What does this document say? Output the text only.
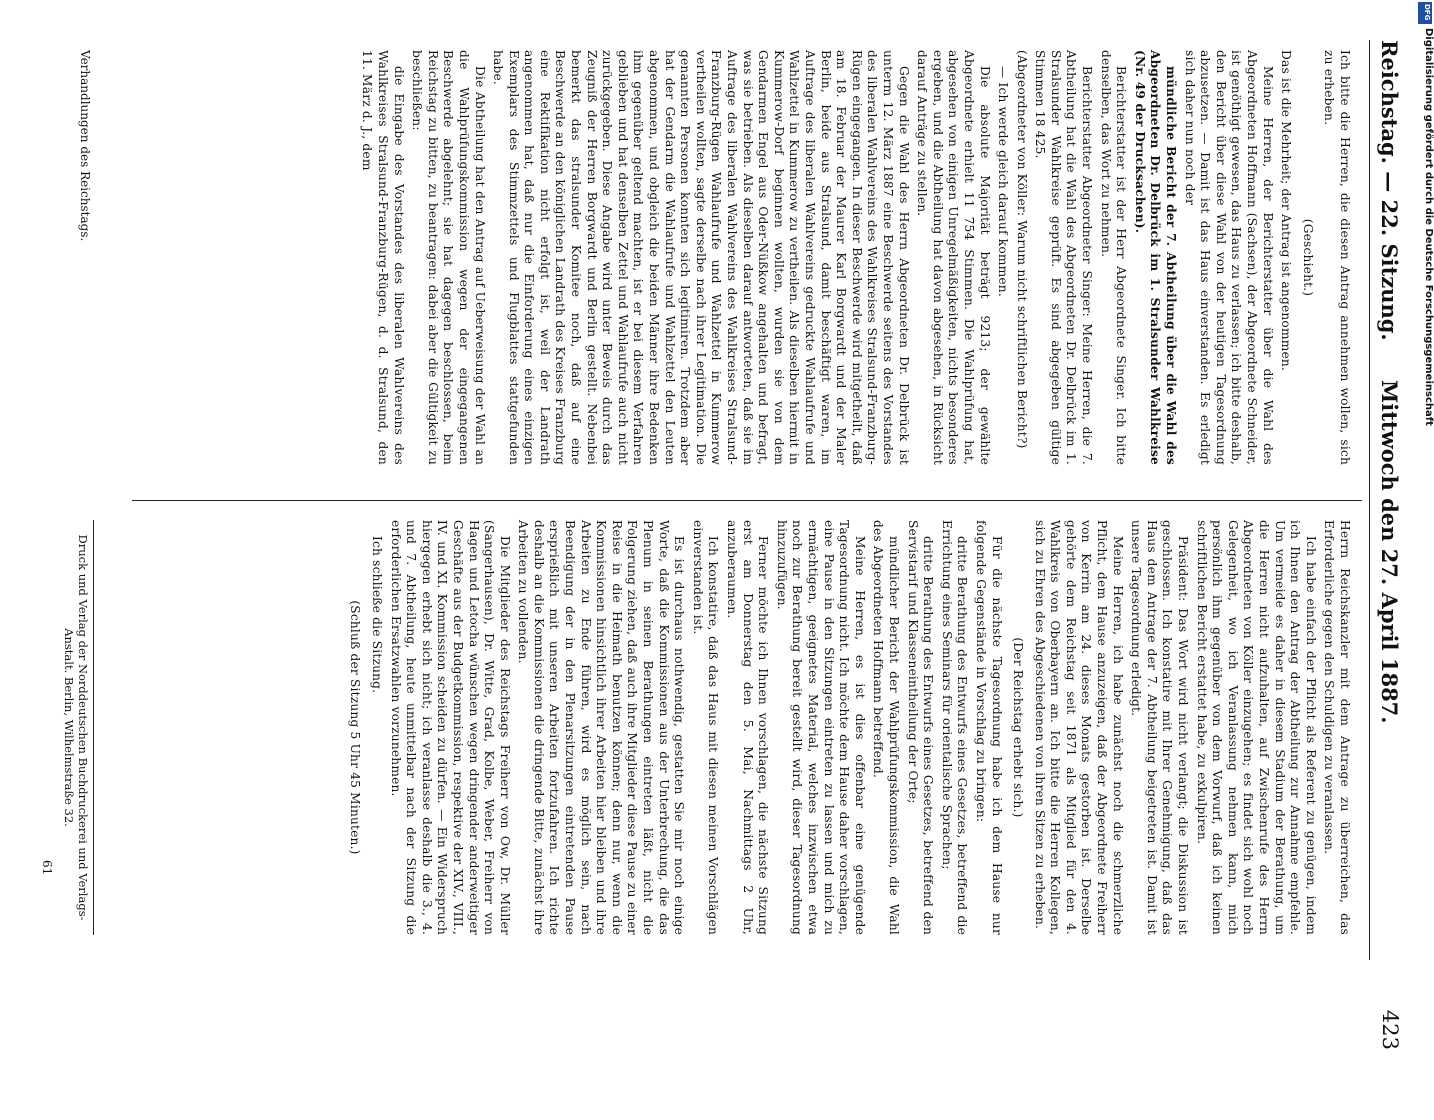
Reichstag. — 22. Sitzung.
Mittwoch den 27. April 1887.
423

Ich bitte die Herren, die diesen Antrag annehmen wollen, sich zu erheben.

(Geschieht.)

Das ist die Mehrheit; der Antrag ist angenommen.

Meine Herren, der Berichterstatter über die Wahl des Abgeordneten Hoffmann (Sachsen), der Abgeordnete Schneider, ist genöthigt gewesen, das Haus zu verlassen; ich bitte deshalb, den Bericht über diese Wahl von der heutigen Tagesordnung abzusetzen. — Damit ist das Haus einverstanden. Es erledigt sich daher nun noch der

mündliche Bericht der 7. Abtheilung über die Wahl des Abgeordneten Dr. Delbrück im 1. Stralsunder Wahlkreise (Nr. 49 der Drucksachen).

Berichterstatter ist der Herr Abgeordnete Singer. Ich bitte denselben, das Wort zu nehmen.

Berichterstatter Abgeordneter Singer: Meine Herren, die 7. Abtheilung hat die Wahl des Abgeordneten Dr. Delbrück im 1. Stralsunder Wahlkreise geprüft. Es sind abgegeben gültige Stimmen 18 425.

(Abgeordneter von Köller: Warum nicht schriftlichen Bericht?)

— Ich werde gleich darauf kommen.

Die absolute Majorität beträgt 9213; der gewählte Abgeordnete erhielt 11 754 Stimmen. Die Wahlprüfung hat, abgesehen von einigen Unregelmäßigkeiten, nichts besonderes ergeben, und die Abtheilung hat davon abgesehen, in Rücksicht darauf Anträge zu stellen.

Gegen die Wahl des Herrn Abgeordneten Dr. Delbrück ist unterm 12. März 1887 eine Beschwerde seitens des Vorstandes des liberalen Wahlvereins des Wahlkreises Stralsund-Franzburg-Rügen eingegangen. In dieser Beschwerde wird mitgetheilt, daß am 18. Februar der Maurer Karl Borgwardt und der Maler Berlin, beide aus Stralsund, damit beschäftigt waren, im Auftrage des liberalen Wahlvereins gedruckte Wahlaufrufe und Wahlzettel in Kummerow zu vertheilen. Als dieselben hiermit in Kummerow-Dorf beginnen wollten, wurden sie von dem Gendarmen Engel aus Oder-Nüßkow angehalten und befragt, was sie betrieben. Als dieselben darauf antworteten, daß sie im Auftrage des liberalen Wahlvereins des Wahlkreises Stralsund-Franzburg-Rügen Wahlaufrufe und Wahlzettel in Kummerow vertheilen wollten, sagte derselbe nach ihrer Legitimation. Die genannten Personen konnten sich legitimiren. Trotzdem aber hat der Gendarm die Wahlaufrufe und Wahlzettel den Leuten abgenommen, und obgleich die beiden Männer ihre Bedenken ihm gegenüber geltend machten, ist er bei diesem Verfahren geblieben und hat denselben Zettel und Wahlaufrufe auch nicht zurückgegeben. Diese Angabe wird unter Beweis durch das Zeugniß der Herren Borgwardt und Berlin gestellt. Nebenbei bemerkt das stralsunder Komitee noch, daß auf eine Beschwerde an den königlichen Landrath des Kreises Franzburg eine Rektifikation nicht erfolgt ist, weil der Landrath angenommen hat, daß nur die Einforderung eines einzigen Exemplars des Stimmzettels und Flugblattes stattgefunden habe.

Die Abtheilung hat den Antrag auf Ueberweisung der Wahl an die Wahlprüfungskommission wegen der eingegangenen Beschwerde abgelehnt; sie hat dagegen beschlossen, beim Reichstag zu bitten, zu beantragen: dabei aber die Gültigkeit zu beschließen:

die Eingabe des Vorstandes des liberalen Wahlvereins des Wahlkreises Stralsund-Franzburg-Rügen, d. d. Stralsund, den 11. März d. J., dem

Herrn Reichskanzler mit dem Antrage zu überreichen, das Erforderliche gegen den Schuldigen zu veranlassen.

Ich habe einfach der Pflicht als Referent zu genügen, indem ich Ihnen den Antrag der Abtheilung zur Annahme empfehle. Um vermeide es daher in diesem Stadium der Berathung, um die Herren nicht aufzuhalten, auf Zwischenrufe des Herrn Abgeordneten von Köller einzugehen; es findet sich wohl noch Gelegenheit, wo ich Veranlassung nehmen kann, mich persönlich ihm gegenüber von dem Vorwurf, daß ich keinen schriftlichen Bericht erstattet habe, zu exkulpiren.

Präsident: Das Wort wird nicht verlangt; die Diskussion ist geschlossen. Ich konstatire mit Ihrer Genehmigung, daß das Haus dem Antrage der 7. Abtheilung beigetreten ist. Damit ist unsere Tagesordnung erledigt.

Meine Herren, ich habe zunächst noch die schmerzliche Pflicht, dem Hause anzuzeigen, daß der Abgeordnete Freiherr von Kerrin am 24. dieses Monats gestorben ist. Derselbe gehörte dem Reichstag seit 1871 als Mitglied für den 4. Wahlkreis von Oberbayern an. Ich bitte die Herren Kollegen, sich zu Ehren des Abgeschiedenen von ihren Sitzen zu erheben.

(Der Reichstag erhebt sich.)

Für die nächste Tagesordnung habe ich dem Hause nur folgende Gegenstände in Vorschlag zu bringen:

dritte Berathung des Entwurfs eines Gesetzes, betreffend die Errichtung eines Seminars für orientalische Sprachen;

dritte Berathung des Entwurfs eines Gesetzes, betreffend den Servistarif und Klasseneintheilung der Orte;

mündlicher Bericht der Wahlprüfungskommission, die Wahl des Abgeordneten Hoffmann betreffend.

Meine Herren, es ist dies offenbar eine genügende Tagesordnung nicht. Ich möchte dem Hause daher vorschlagen, eine Pause in den Sitzungen eintreten zu lassen und mich zu ermächtigen, geeignetes Material, welches inzwischen etwa noch zur Berathung bereit gestellt wird, dieser Tagesordnung hinzuzufügen.

Ferner möchte ich Ihnen vorschlagen, die nächste Sitzung erst am Donnerstag den 5. Mai, Nachmittags 2 Uhr, anzuberaumen.

Ich konstatire, daß das Haus mit diesen meinen Vorschlägen einverstanden ist.

Es ist durchaus nothwendig, gestatten Sie mir noch einige Worte, daß die Kommissionen aus der Unterbrechung, die das Plenum in seinen Berathungen eintreten läßt, nicht die Folgerung ziehen, daß auch ihre Mitglieder diese Pause zu einer Reise in die Heimath benutzen können; denn nur, wenn die Kommissionen hinsichtlich ihrer Arbeiten hier bleiben und ihre Arbeiten zu Ende führen, wird es möglich sein, nach Beendigung der in den Plenarsitzungen eintretenden Pause ersprießlich mit unseren Arbeiten fortzufahren. Ich richte deshalb an die Kommissionen die dringende Bitte, zunächst ihre Arbeiten zu vollenden.

Die Mitglieder des Reichstags Freiherr von Ow, Dr. Müller (Sangerhausen), Dr. Witte, Grad, Kolbe, Weber, Freiherr von Hagen und Letocha wünschen wegen dringender anderweitiger Geschäfte aus der Budgetkommission, respektive der XIV., VIII., IV. und XI. Kommission scheiden zu dürfen. — Ein Widerspruch hiergegen erhebt sich nicht; ich veranlasse deshalb die 3., 4. und 7. Abtheilung, heute unmittelbar nach der Sitzung die erforderlichen Ersatzwahlen vorzunehmen.

Ich schließe die Sitzung.

(Schluß der Sitzung 5 Uhr 45 Minuten.)

Verhandlungen des Reichstags.
Druck und Verlag der Norddeutschen Buchdruckerei und Verlags-Anstalt. Berlin, Wilhelmstraße 32.
61
DFG
Digitalisierung gefördert durch die Deutsche Forschungsgemeinschaft
